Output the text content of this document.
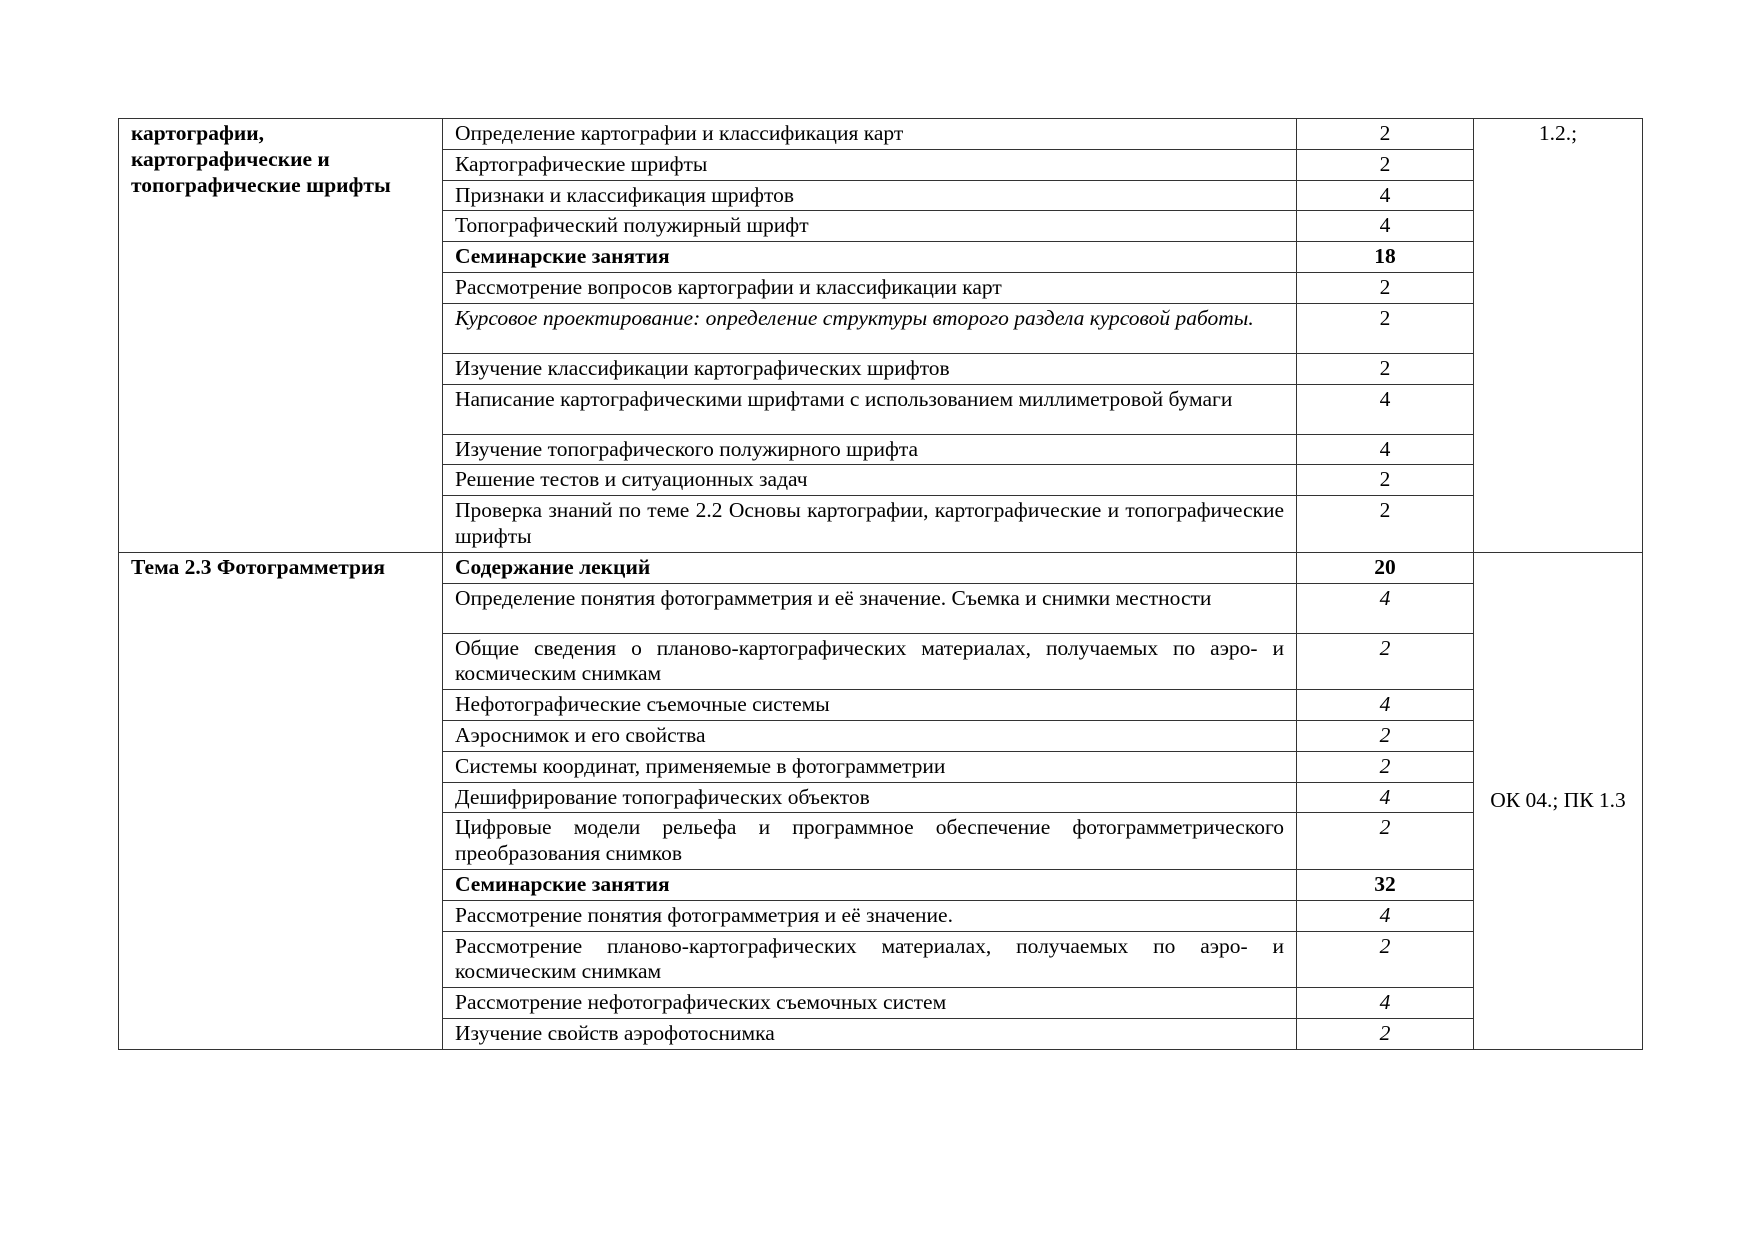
картографии, картографические и топографические шрифты	Определение картографии и классификация карт	2	1.2.;
	Картографические шрифты	2	
	Признаки и классификация шрифтов	4	
	Топографический полужирный шрифт	4	
	Семинарские занятия	18	
	Рассмотрение вопросов картографии и классификации карт	2	
	Курсовое проектирование: определение структуры второго раздела курсовой работы.	2	
	Изучение классификации картографических шрифтов	2	
	Написание картографическими шрифтами с использованием миллиметровой бумаги	4	
	Изучение топографического полужирного шрифта	4	
	Решение тестов и ситуационных задач	2	
	Проверка знаний по теме 2.2 Основы картографии, картографические и топографические шрифты	2	
Тема 2.3 Фотограмметрия	Содержание лекций	20	ОК 04.; ПК 1.3
	Определение понятия фотограмметрия и её значение. Съемка и снимки местности	4	
	Общие сведения о планово-картографических материалах, получаемых по аэро- и космическим снимкам	2	
	Нефотографические съемочные системы	4	
	Аэроснимок и его свойства	2	
	Системы координат, применяемые в фотограмметрии	2	
	Дешифрирование топографических объектов	4	
	Цифровые модели рельефа и программное обеспечение фотограмметрического преобразования снимков	2	
	Семинарские занятия	32	
	Рассмотрение понятия фотограмметрия и её значение.	4	
	Рассмотрение планово-картографических материалах, получаемых по аэро- и космическим снимкам	2	
	Рассмотрение нефотографических съемочных систем	4	
	Изучение свойств аэрофотоснимка	2	
